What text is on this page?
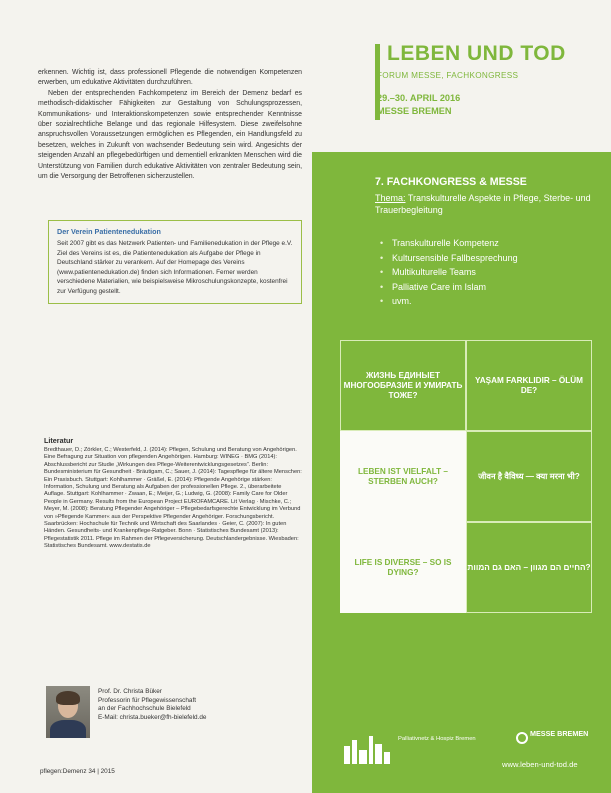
erkennen. Wichtig ist, dass professionell Pflegende die notwendigen Kompetenzen erwerben, um edukative Aktivitäten durchzuführen.

Neben der entsprechenden Fachkompetenz im Bereich der Demenz bedarf es methodisch-didaktischer Fähigkeiten zur Gestaltung von Schulungsprozessen, Kommunikations- und Interaktionskompetenzen sowie entsprechender Kenntnisse über sozialrechtliche Belange und das regionale Hilfesystem. Diese zweifelsohne anspruchsvollen Voraussetzungen ermöglichen es Pflegenden, ein Handlungsfeld zu besetzen, welches in Zukunft von wachsender Bedeutung sein wird. Angesichts der steigenden Anzahl an pflegebedürftigen und dementiell erkrankten Menschen wird die Unterstützung von Familien durch edukative Aktivitäten von zentraler Bedeutung sein, um die Versorgung der Betroffenen sicherzustellen.

Der Verein Patientenedukation

Seit 2007 gibt es das Netzwerk Patienten- und Familienedukation in der Pflege e.V. Ziel des Vereins ist es, die Patientenedukation als Aufgabe der Pflege in Deutschland stärker zu verankern. Auf der Homepage des Vereins (www.patientenedukation.de) finden sich Informationen. Ferner werden verschiedene Materialien, wie beispielsweise Mikroschulungskonzepte, kostenfrei zur Verfügung gestellt.

Literatur

Bredthauer, D.; Zörkler, C.; Westerfeld, J. (2014): Pflegen, Schulung und Beratung von Angehörigen. Eine Befragung zur Situation von pflegenden Angehörigen. Hamburg: WINEG · BMG (2014): Abschlussbericht zur Studie „Wirkungen des Pflege-Weiterentwicklungsgesetzes“. Berlin: Bundesministerium für Gesundheit · Bräutigam, C.; Sauer, J. (2014): Tagespflege für ältere Menschen: Ein Praxisbuch. Stuttgart: Kohlhammer · Gräßel, E. (2014): Pflegende Angehörige stärken: Information, Schulung und Beratung als Aufgaben der professionellen Pflege. 2., überarbeitete Auflage. Stuttgart: Kohlhammer · Zwaan, E.; Meijer, G.; Ludwig, G. (2008): Family Care for Older People in Germany. Results from the European Project EUROFAMCARE. Lit Verlag · Mischke, C.; Meyer, M. (2008): Beratung Pflegender Angehöriger – Pflegebedarfsgerechte Entwicklung im Verbund von »Pflegende Kammer« aus der Perspektive Pflegender Angehöriger. Forschungsbericht. Saarbrücken: Hochschule für Technik und Wirtschaft des Saarlandes · Geier, C. (2007): In guten Händen. Gesundheits- und Krankenpflege-Ratgeber. Bonn · Statistisches Bundesamt (2013): Pflegestatistik 2011. Pflege im Rahmen der Pflegeversicherung. Deutschlandergebnisse. Wiesbaden: Statistisches Bundesamt. www.destatis.de

Prof. Dr. Christa Büker
Professorin für Pflegewissenschaft
an der Fachhochschule Bielefeld
E-Mail: christa.bueker@fh-bielefeld.de
pflegen:Demenz 34 | 2015
LEBEN UND TOD
FORUM MESSE, FACHKONGRESS
29.–30. APRIL 2016
MESSE BREMEN
7. FACHKONGRESS & MESSE
Thema: Transkulturelle Aspekte in Pflege, Sterbe- und Trauerbegleitung
• Transkulturelle Kompetenz
• Kultursensible Fallbesprechung
• Multikulturelle Teams
• Palliative Care im Islam
• uvm.
ЖИЗНЬ ЕДИНЫЕТ МНОГООБРАЗИЕ И УМИРАТЬ ТОЖЕ?
YAŞAM FARKLIDIR – ÖLÜM DE?
LEBEN IST VIELFALT – STERBEN AUCH?
जीवन है वैविध्य — क्या मरना भी?
LIFE IS DIVERSE – SO IS DYING?
החיים הם מגוון – האם גם המוות?
Palliativnetz & Hospiz Bremen
MESSE BREMEN
www.leben-und-tod.de
